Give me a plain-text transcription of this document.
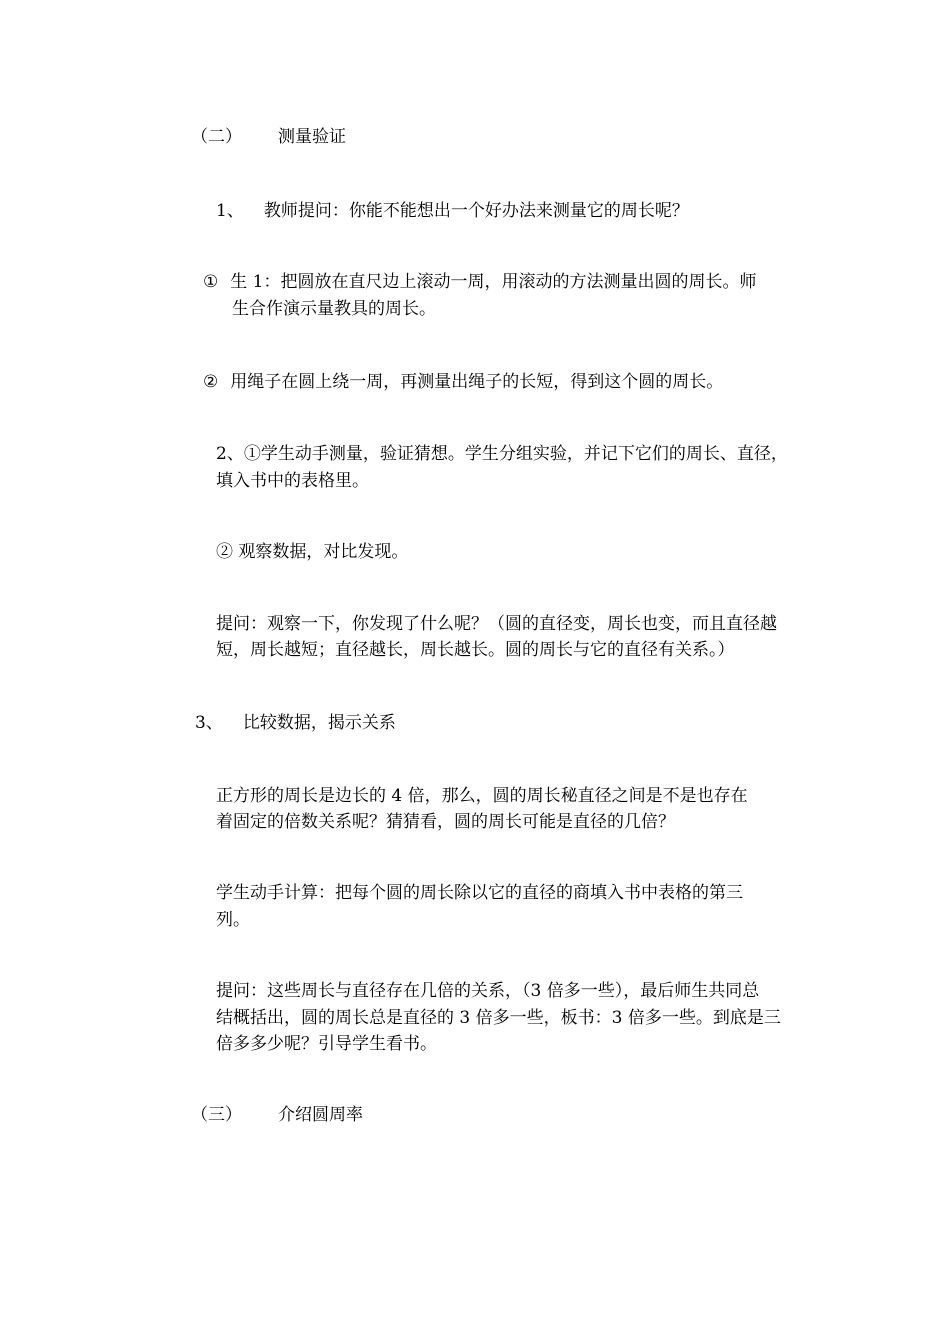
（二） 测量验证
1、 教师提问：你能不能想出一个好办法来测量它的周长呢？
① 生 1：把圆放在直尺边上滚动一周，用滚动的方法测量出圆的周长。师
生合作演示量教具的周长。
② 用绳子在圆上绕一周，再测量出绳子的长短，得到这个圆的周长。
2、①学生动手测量，验证猜想。学生分组实验，并记下它们的周长、直径，
填入书中的表格里。
② 观察数据，对比发现。
提问：观察一下，你发现了什么呢？（圆的直径变，周长也变，而且直径越
短，周长越短；直径越长，周长越长。圆的周长与它的直径有关系。）
3、 比较数据，揭示关系
正方形的周长是边长的 4 倍，那么，圆的周长秘直径之间是不是也存在
着固定的倍数关系呢？猜猜看，圆的周长可能是直径的几倍？
学生动手计算：把每个圆的周长除以它的直径的商填入书中表格的第三
列。
提问：这些周长与直径存在几倍的关系，（3 倍多一些），最后师生共同总
结概括出，圆的周长总是直径的 3 倍多一些，板书：3 倍多一些。到底是三
倍多多少呢？引导学生看书。
（三） 介绍圆周率
